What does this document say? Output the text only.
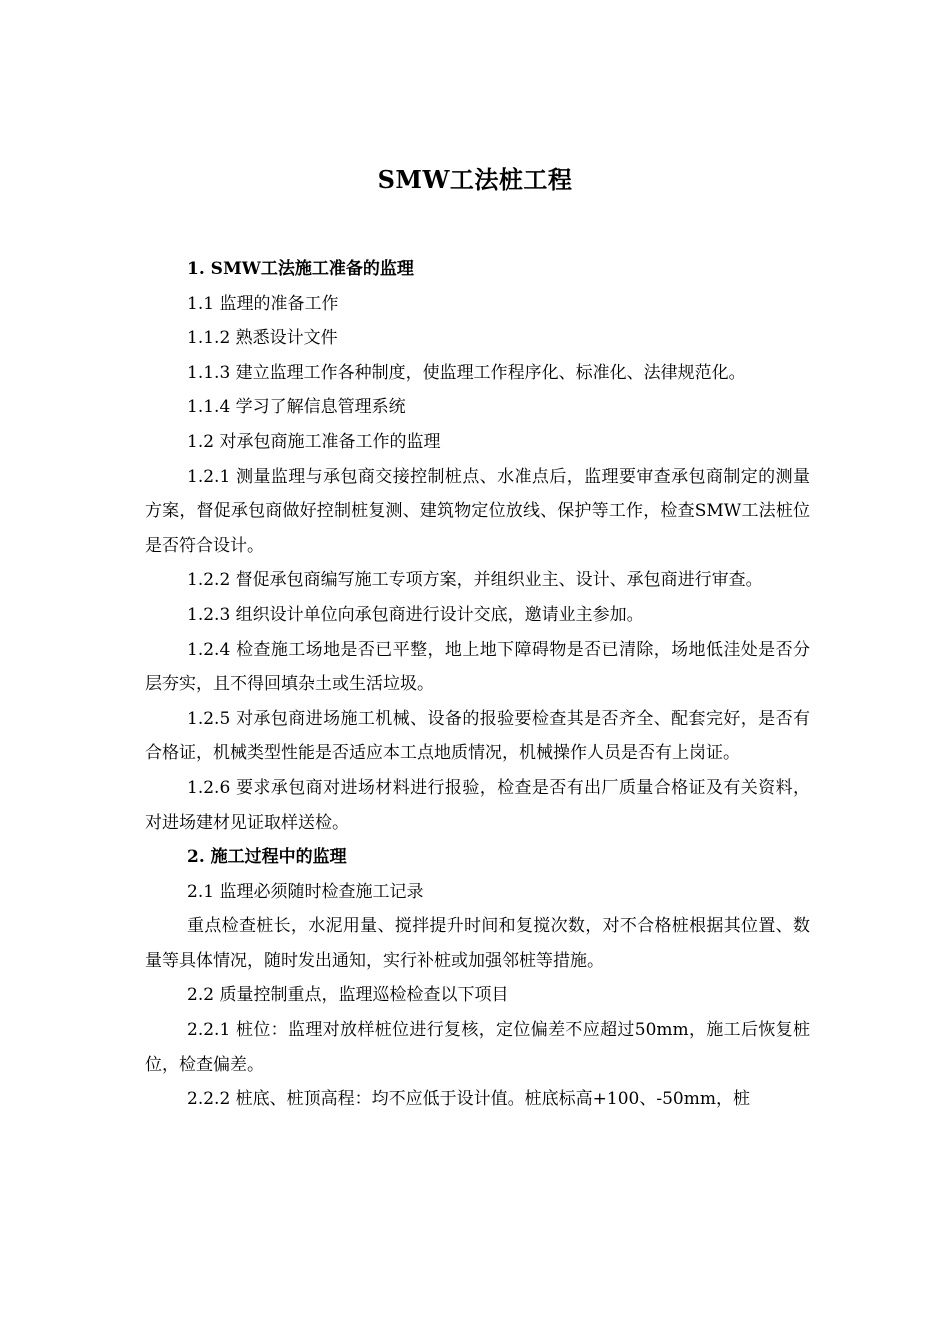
SMW工法桩工程

1. SMW工法施工准备的监理

1.1 监理的准备工作

1.1.2 熟悉设计文件

1.1.3 建立监理工作各种制度，使监理工作程序化、标准化、法律规范化。

1.1.4 学习了解信息管理系统

1.2 对承包商施工准备工作的监理

1.2.1 测量监理与承包商交接控制桩点、水准点后，监理要审查承包商制定的测量方案，督促承包商做好控制桩复测、建筑物定位放线、保护等工作，检查SMW工法桩位是否符合设计。

1.2.2 督促承包商编写施工专项方案，并组织业主、设计、承包商进行审查。

1.2.3 组织设计单位向承包商进行设计交底，邀请业主参加。

1.2.4 检查施工场地是否已平整，地上地下障碍物是否已清除，场地低洼处是否分层夯实，且不得回填杂土或生活垃圾。

1.2.5 对承包商进场施工机械、设备的报验要检查其是否齐全、配套完好，是否有合格证，机械类型性能是否适应本工点地质情况，机械操作人员是否有上岗证。

1.2.6 要求承包商对进场材料进行报验，检查是否有出厂质量合格证及有关资料，对进场建材见证取样送检。

2. 施工过程中的监理

2.1 监理必须随时检查施工记录

重点检查桩长，水泥用量、搅拌提升时间和复搅次数，对不合格桩根据其位置、数量等具体情况，随时发出通知，实行补桩或加强邻桩等措施。

2.2 质量控制重点，监理巡检检查以下项目

2.2.1 桩位：监理对放样桩位进行复核，定位偏差不应超过50mm，施工后恢复桩位，检查偏差。

2.2.2 桩底、桩顶高程：均不应低于设计值。桩底标高+100、-50mm，桩
